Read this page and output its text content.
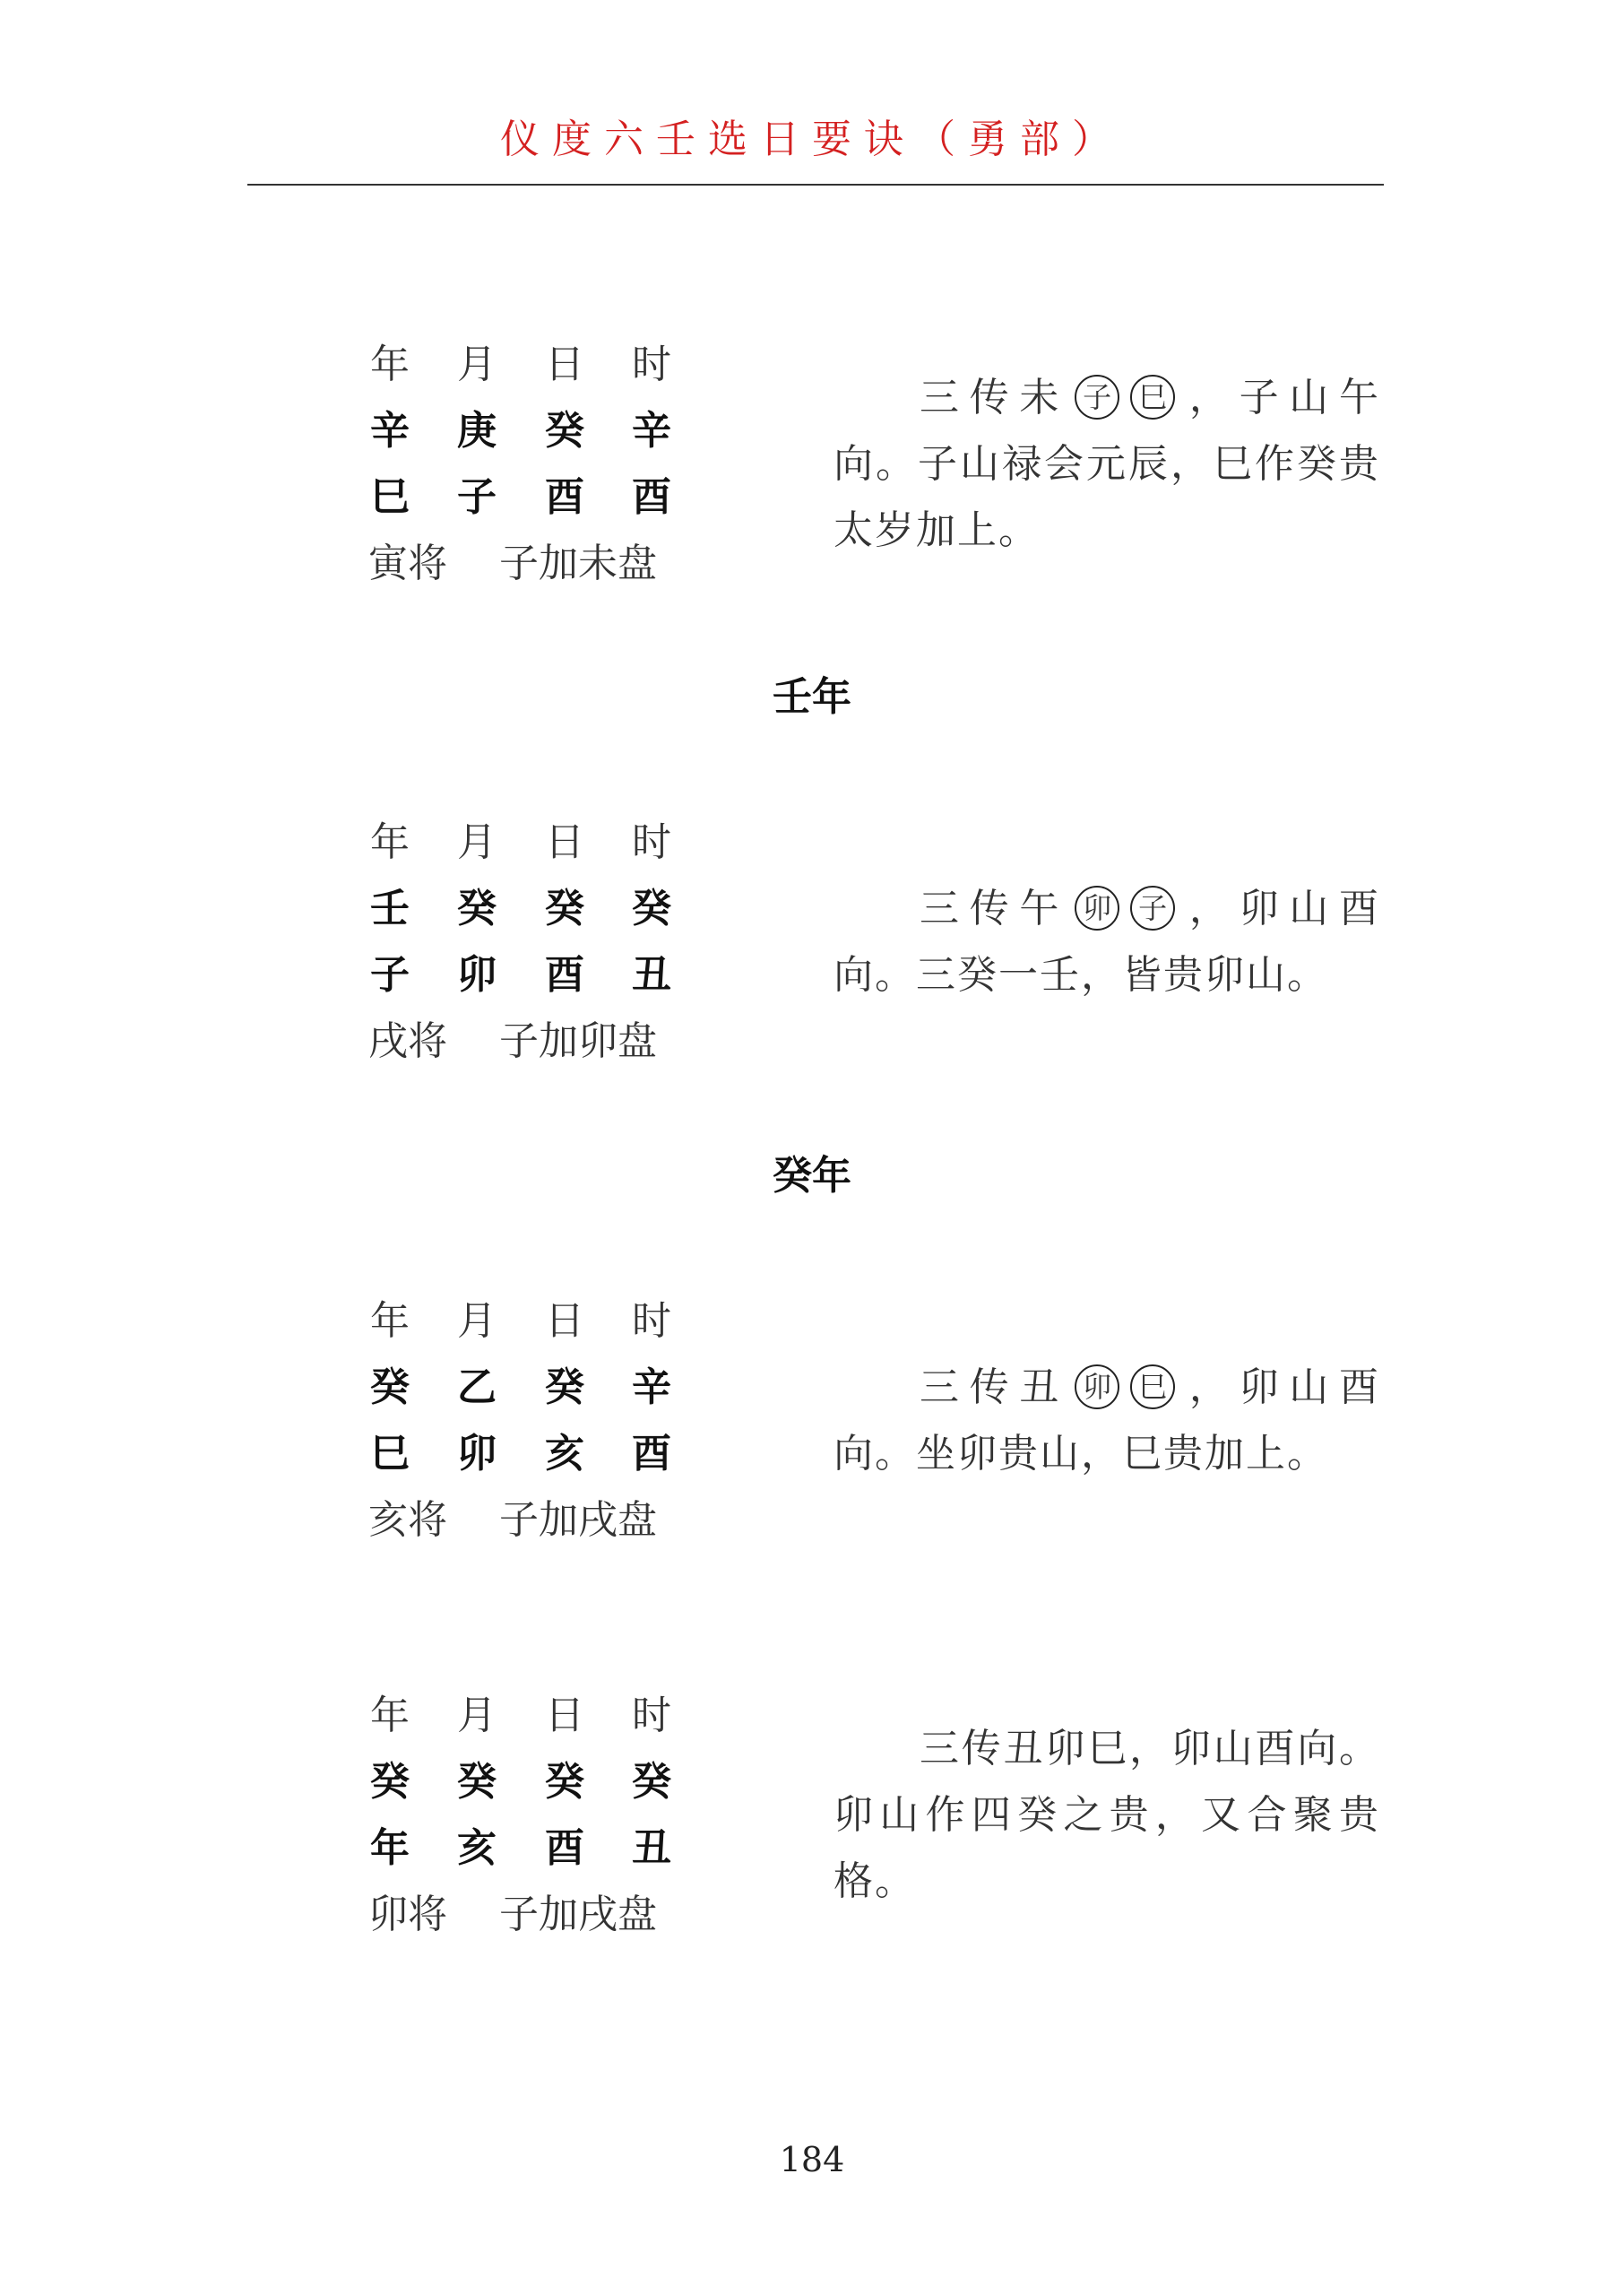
仪度六壬选日要诀（勇部）
年 月 日 时
辛 庚 癸 辛
巳 子 酉 酉
寅将 子加未盘
三传未 子 巳 ，子山午向。子山禄会元辰，巳作癸贵太岁加上。
壬年
年 月 日 时
壬 癸 癸 癸
子 卯 酉 丑
戌将 子加卯盘
三传午 卯 子 ，卯山酉向。三癸一壬，皆贵卯山。
癸年
年 月 日 时
癸 乙 癸 辛
巳 卯 亥 酉
亥将 子加戌盘
三传丑 卯 巳 ，卯山酉向。坐卯贵山，巳贵加上。
年 月 日 时
癸 癸 癸 癸
年 亥 酉 丑
卯将 子加戌盘
三传丑卯巳，卯山酉向。卯山作四癸之贵，又合聚贵格。
184
